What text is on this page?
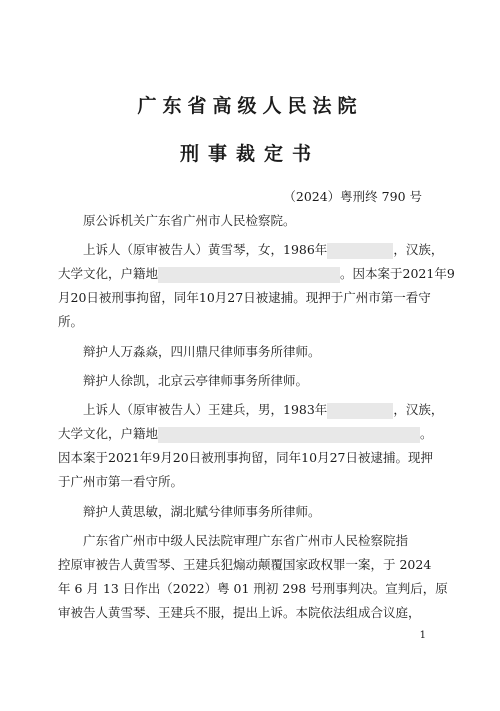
广东省高级人民法院
刑事裁定书
（2024）粤刑终 790 号
原公诉机关广东省广州市人民检察院。
上诉人（原审被告人）黄雪琴，女，1986年	，汉族，
大学文化，户籍地	。因本案于2021年9
月20日被刑事拘留，同年10月27日被逮捕。现押于广州市第一看守
所。
辩护人万淼焱，四川鼎尺律师事务所律师。
辩护人徐凯，北京云亭律师事务所律师。
上诉人（原审被告人）王建兵，男，1983年	，汉族，
大学文化，户籍地	。
因本案于2021年9月20日被刑事拘留，同年10月27日被逮捕。现押
于广州市第一看守所。
辩护人黄思敏，湖北赋兮律师事务所律师。
广东省广州市中级人民法院审理广东省广州市人民检察院指
控原审被告人黄雪琴、王建兵犯煽动颠覆国家政权罪一案，于 2024
年 6 月 13 日作出（2022）粤 01 刑初 298 号刑事判决。宣判后，原
审被告人黄雪琴、王建兵不服，提出上诉。本院依法组成合议庭，
1
